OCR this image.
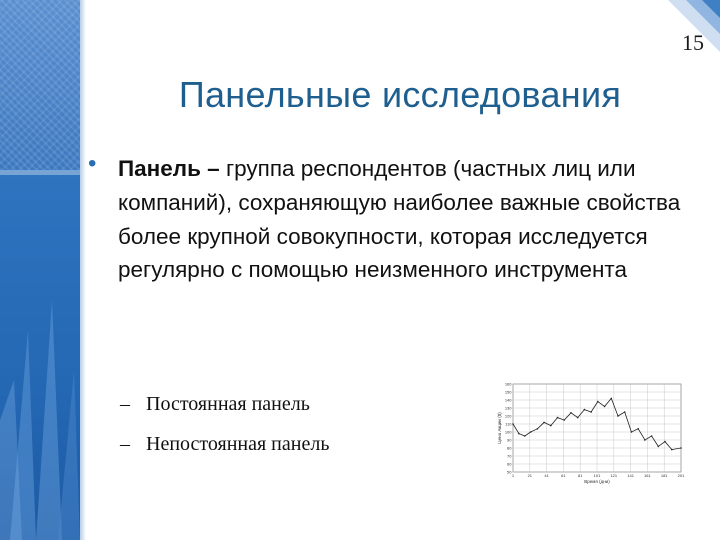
15
Панельные исследования
• Панель – группа респондентов (частных лиц или компаний), сохраняющую наиболее важные свойства более крупной совокупности, которая исследуется регулярно с помощью неизменного инструмента
– Постоянная панель
– Непостоянная панель
160
150
140
130
120
110
100
90
80
70
60
50
1	21	41	61	81	101	121	141	161	181	201
Время (дни)
Цена Акции ($)
